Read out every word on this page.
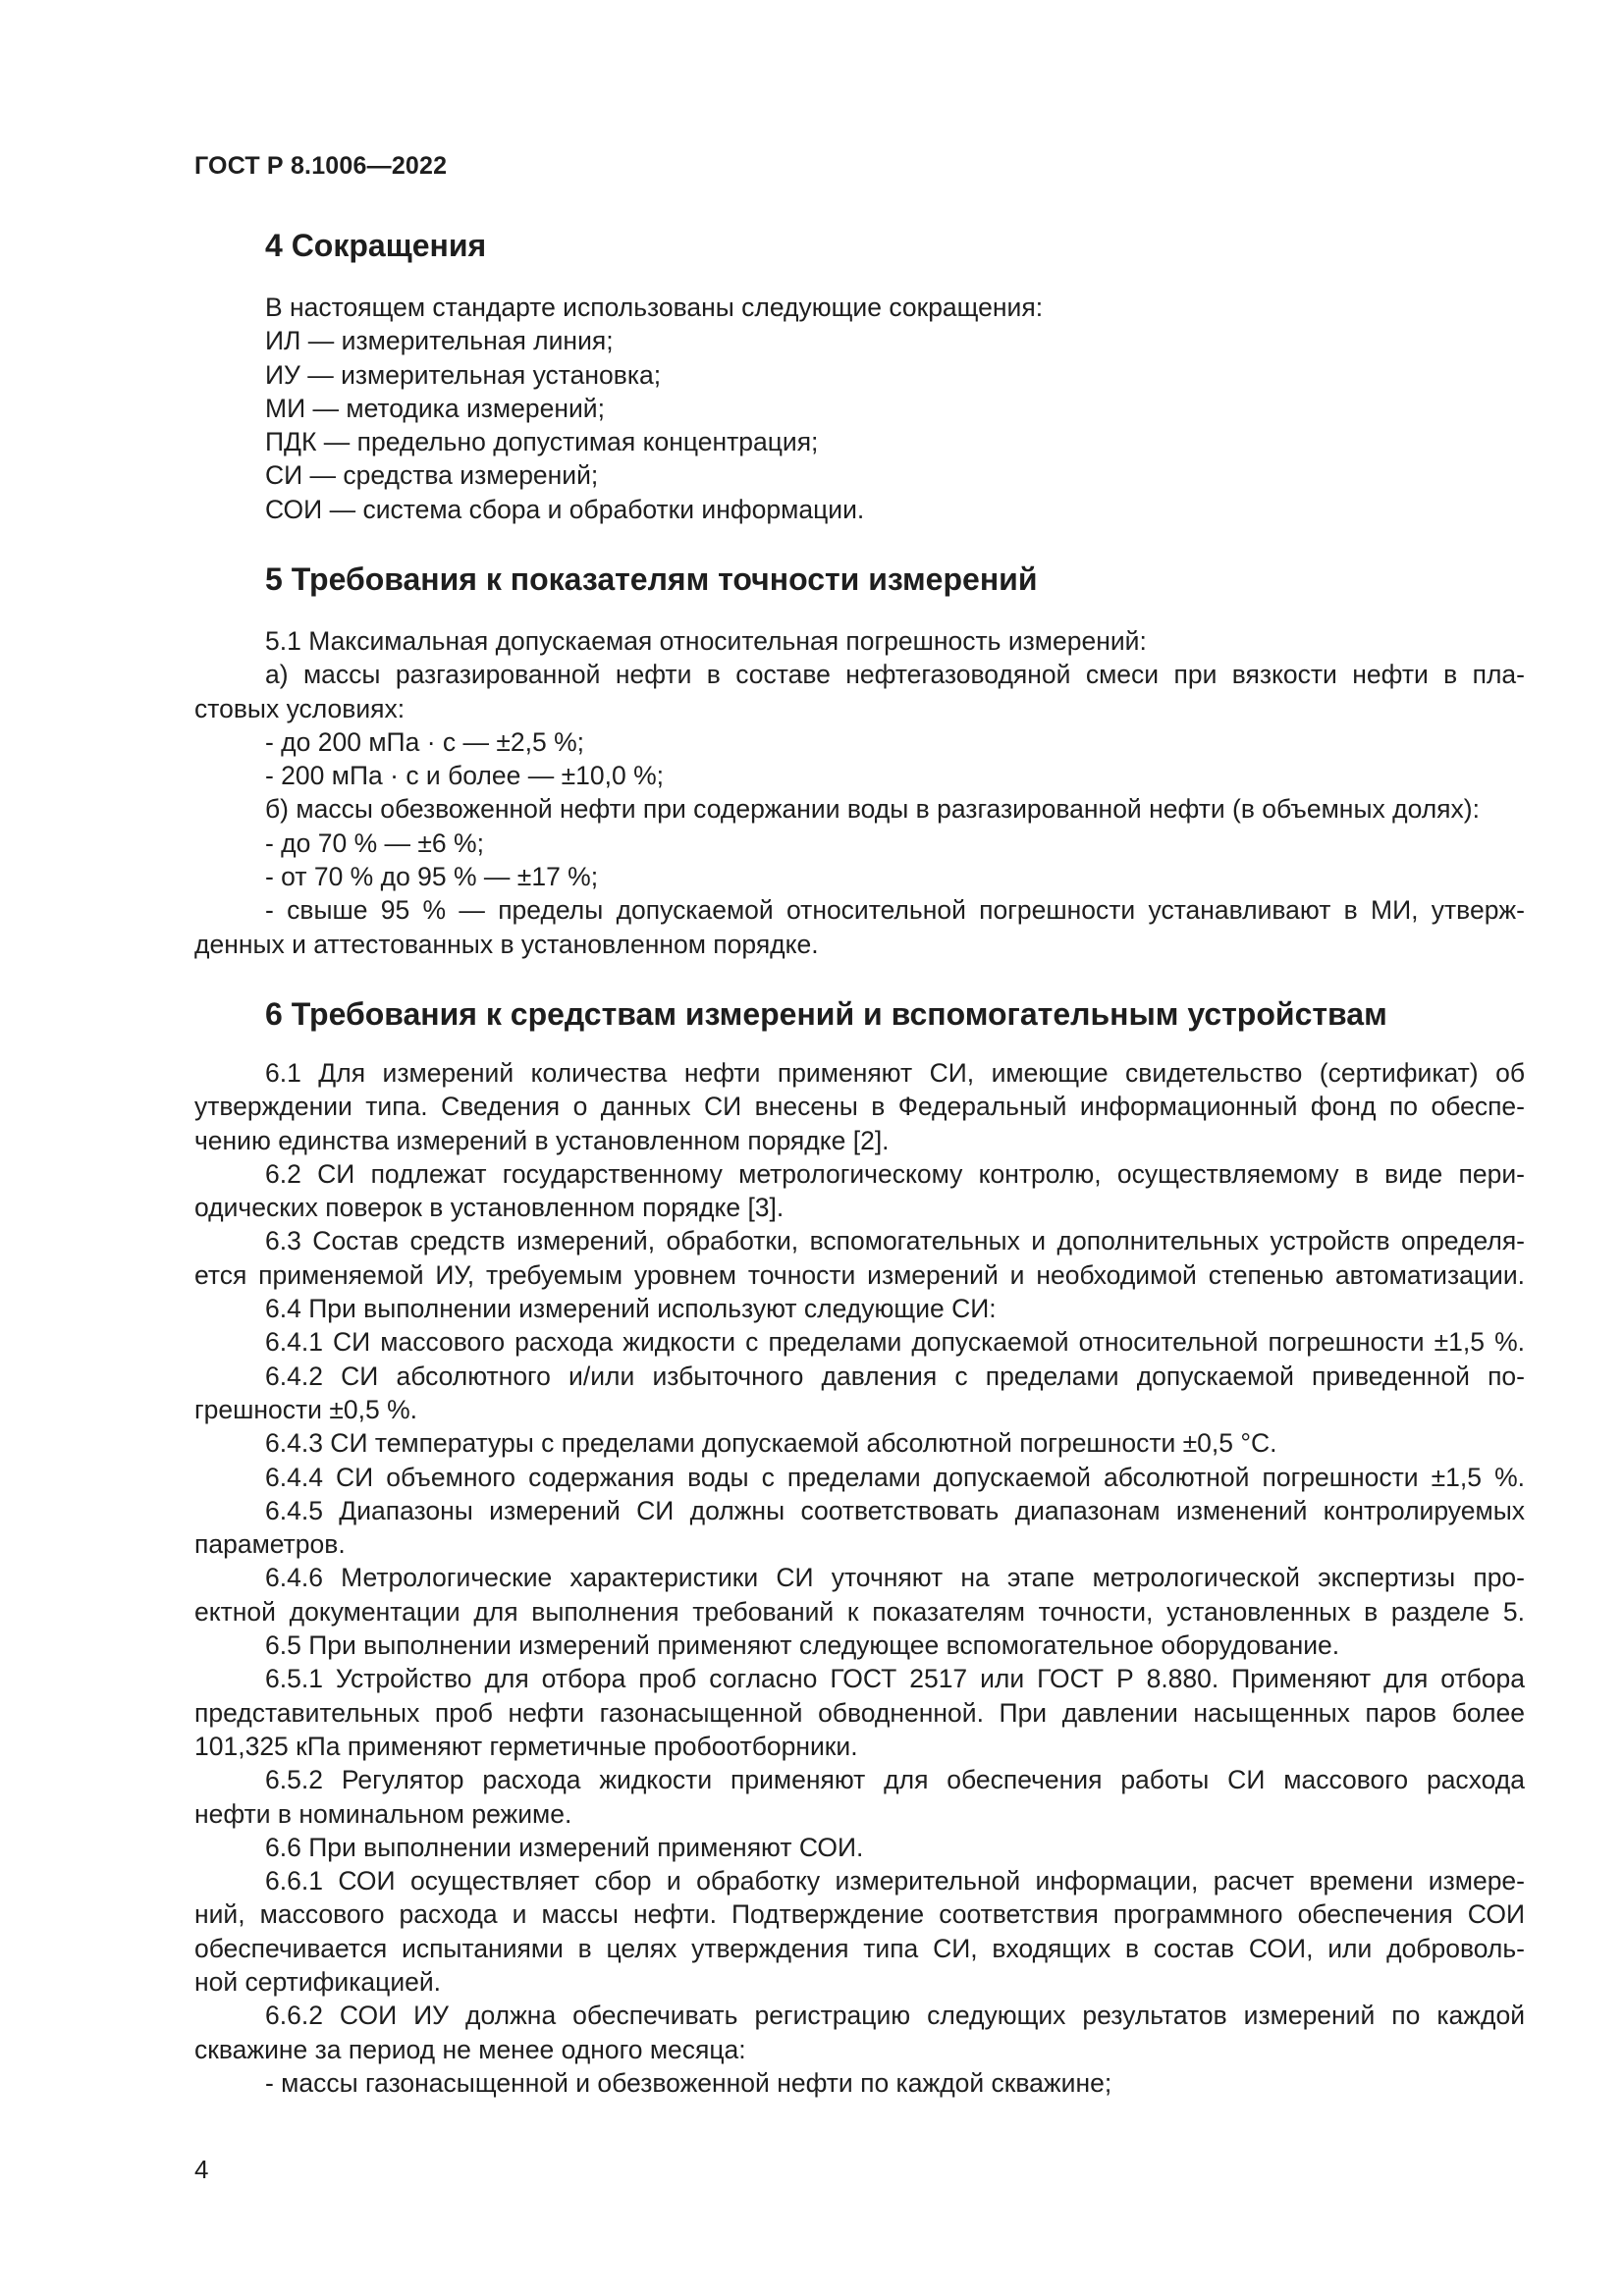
ГОСТ Р 8.1006—2022
4 Сокращения

В настоящем стандарте использованы следующие сокращения:

ИЛ — измерительная линия;

ИУ — измерительная установка;

МИ — методика измерений;

ПДК — предельно допустимая концентрация;

СИ — средства измерений;

СОИ — система сбора и обработки информации.

5 Требования к показателям точности измерений

5.1 Максимальная допускаемая относительная погрешность измерений:

а) массы разгазированной нефти в составе нефтегазоводяной смеси при вязкости нефти в пла-

стовых условиях:

- до 200 мПа · с — ±2,5 %;

- 200 мПа · с и более — ±10,0 %;

б) массы обезвоженной нефти при содержании воды в разгазированной нефти (в объемных долях):

- до 70 % — ±6 %;

- от 70 % до 95 % — ±17 %;

- свыше 95 % — пределы допускаемой относительной погрешности устанавливают в МИ, утверж-

денных и аттестованных в установленном порядке.

6 Требования к средствам измерений и вспомогательным устройствам

6.1 Для измерений количества нефти применяют СИ, имеющие свидетельство (сертификат) об

утверждении типа. Сведения о данных СИ внесены в Федеральный информационный фонд по обеспе-

чению единства измерений в установленном порядке [2].

6.2 СИ подлежат государственному метрологическому контролю, осуществляемому в виде пери-

одических поверок в установленном порядке [3].

6.3 Состав средств измерений, обработки, вспомогательных и дополнительных устройств определя-

ется применяемой ИУ, требуемым уровнем точности измерений и необходимой степенью автоматизации.

6.4 При выполнении измерений используют следующие СИ:

6.4.1 СИ массового расхода жидкости с пределами допускаемой относительной погрешности ±1,5 %.

6.4.2 СИ абсолютного и/или избыточного давления с пределами допускаемой приведенной по-

грешности ±0,5 %.

6.4.3 СИ температуры с пределами допускаемой абсолютной погрешности ±0,5 °С.

6.4.4 СИ объемного содержания воды с пределами допускаемой абсолютной погрешности ±1,5 %.

6.4.5 Диапазоны измерений СИ должны соответствовать диапазонам изменений контролируемых

параметров.

6.4.6 Метрологические характеристики СИ уточняют на этапе метрологической экспертизы про-

ектной документации для выполнения требований к показателям точности, установленных в разделе 5.

6.5 При выполнении измерений применяют следующее вспомогательное оборудование.

6.5.1 Устройство для отбора проб согласно ГОСТ 2517 или ГОСТ Р 8.880. Применяют для отбора

представительных проб нефти газонасыщенной обводненной. При давлении насыщенных паров более

101,325 кПа применяют герметичные пробоотборники.

6.5.2 Регулятор расхода жидкости применяют для обеспечения работы СИ массового расхода

нефти в номинальном режиме.

6.6 При выполнении измерений применяют СОИ.

6.6.1 СОИ осуществляет сбор и обработку измерительной информации, расчет времени измере-

ний, массового расхода и массы нефти. Подтверждение соответствия программного обеспечения СОИ

обеспечивается испытаниями в целях утверждения типа СИ, входящих в состав СОИ, или доброволь-

ной сертификацией.

6.6.2 СОИ ИУ должна обеспечивать регистрацию следующих результатов измерений по каждой

скважине за период не менее одного месяца:

- массы газонасыщенной и обезвоженной нефти по каждой скважине;

4
